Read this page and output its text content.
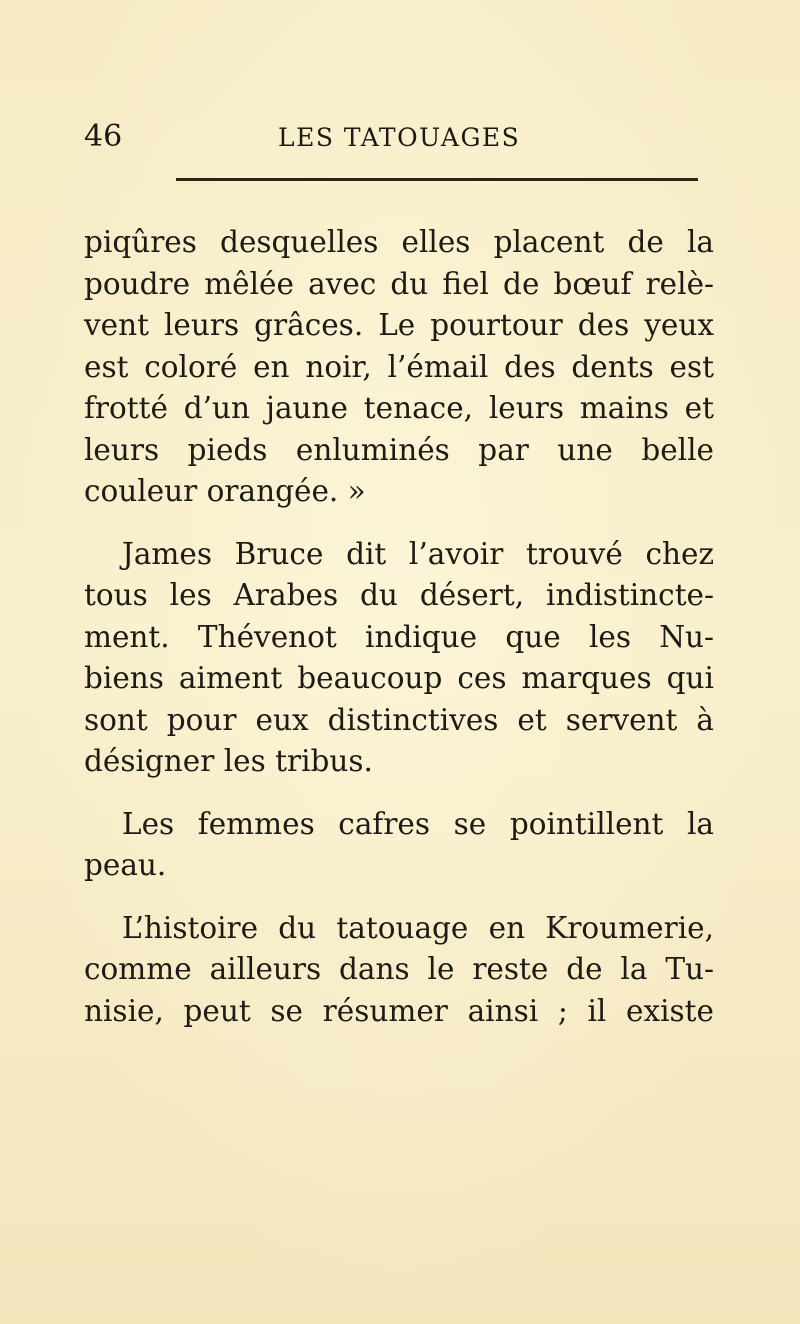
46	LES TATOUAGES
piqûres desquelles elles placent de la
poudre mêlée avec du fiel de bœuf relè-
vent leurs grâces. Le pourtour des yeux
est coloré en noir, l’émail des dents est
frotté d’un jaune tenace, leurs mains et
leurs pieds enluminés par une belle
couleur orangée. »
James Bruce dit l’avoir trouvé chez
tous les Arabes du désert, indistincte-
ment. Thévenot indique que les Nu-
biens aiment beaucoup ces marques qui
sont pour eux distinctives et servent à
désigner les tribus.
Les femmes cafres se pointillent la
peau.
L’histoire du tatouage en Kroumerie,
comme ailleurs dans le reste de la Tu-
nisie, peut se résumer ainsi ; il existe
